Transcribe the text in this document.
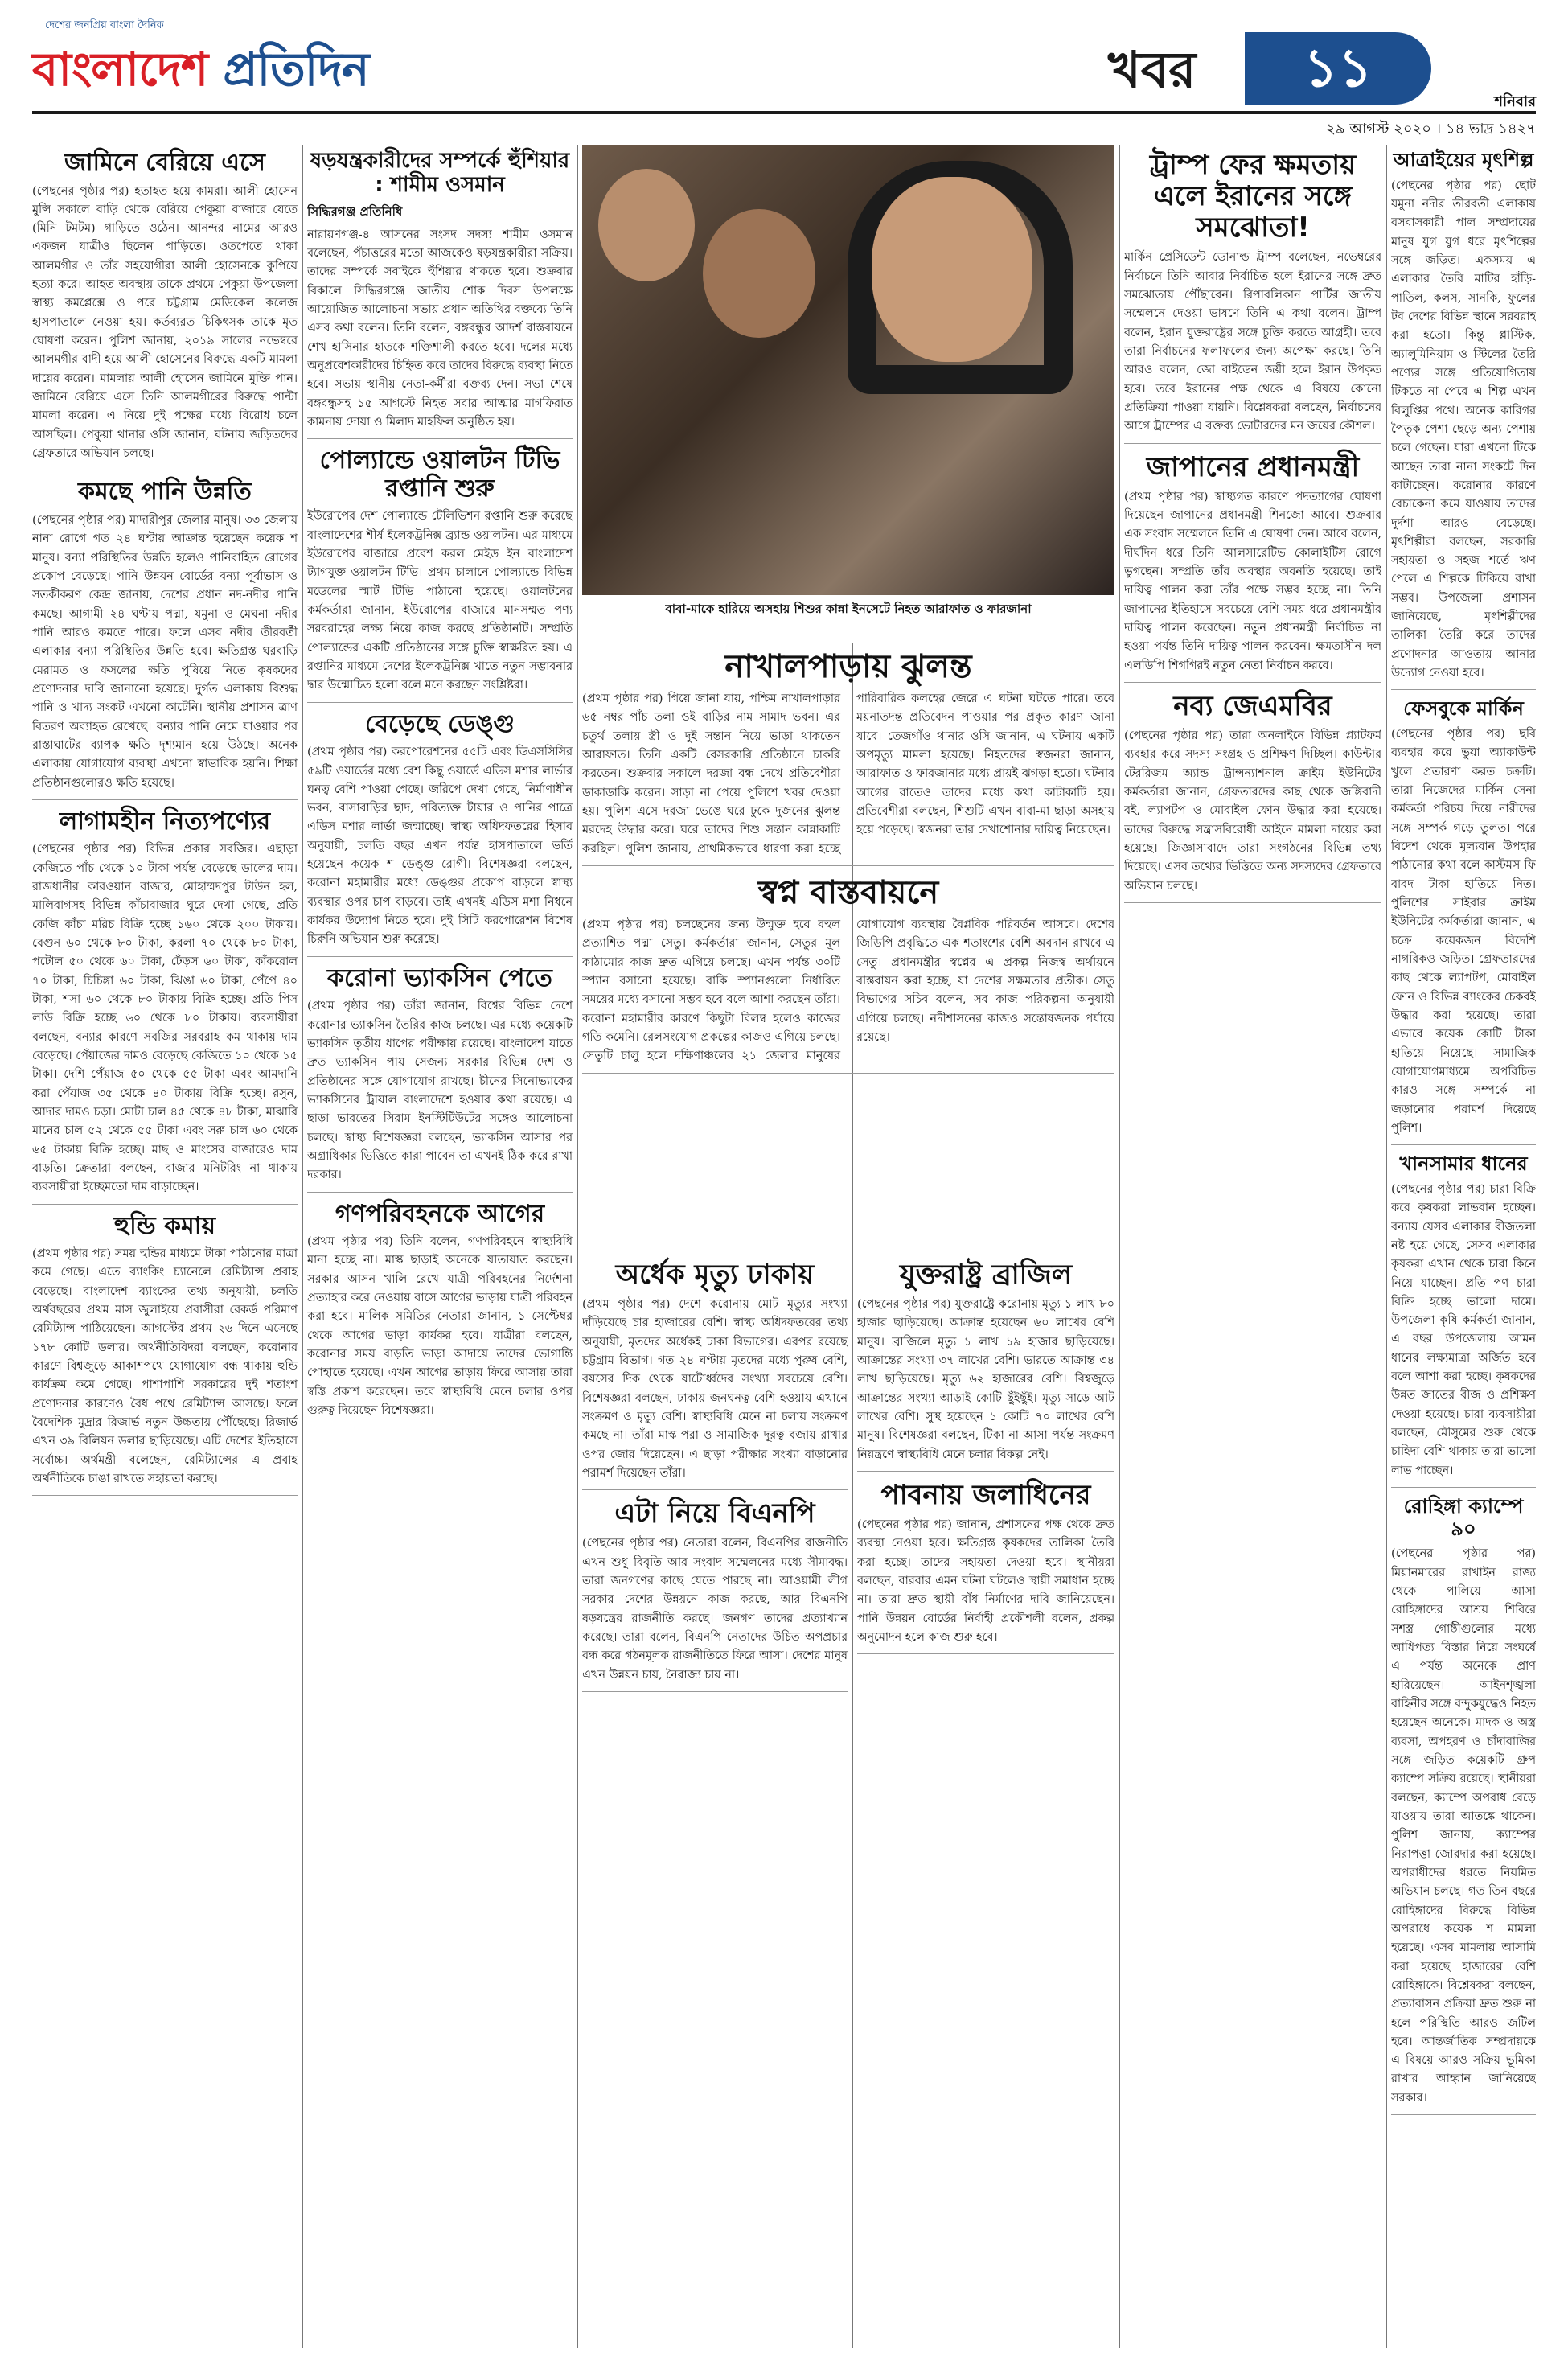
দেশের জনপ্রিয় বাংলা দৈনিক
বাংলাদেশ প্রতিদিন	খবর	১১
শনিবার
২৯ আগস্ট ২০২০ । ১৪ ভাদ্র ১৪২৭
জামিনে বেরিয়ে এসে
(পেছনের পৃষ্ঠার পর) হতাহত হয়ে কামরা। আলী হোসেন মুন্সি সকালে বাড়ি থেকে বেরিয়ে পেকুয়া বাজারে যেতে (মিনি টমটম) গাড়িতে ওঠেন। আনন্দর নামের আরও একজন যাত্রীও ছিলেন গাড়িতে। ওতপেতে থাকা আলমগীর ও তাঁর সহযোগীরা আলী হোসেনকে কুপিয়ে হত্যা করে। আহত অবস্থায় তাকে প্রথমে পেকুয়া উপজেলা স্বাস্থ্য কমপ্লেক্সে ও পরে চট্টগ্রাম মেডিকেল কলেজ হাসপাতালে নেওয়া হয়। কর্তব্যরত চিকিৎসক তাকে মৃত ঘোষণা করেন। পুলিশ জানায়, ২০১৯ সালের নভেম্বরে আলমগীর বাদী হয়ে আলী হোসেনের বিরুদ্ধে একটি মামলা দায়ের করেন। মামলায় আলী হোসেন জামিনে মুক্তি পান। জামিনে বেরিয়ে এসে তিনি আলমগীরের বিরুদ্ধে পাল্টা মামলা করেন। এ নিয়ে দুই পক্ষের মধ্যে বিরোধ চলে আসছিল। পেকুয়া থানার ওসি জানান, ঘটনায় জড়িতদের গ্রেফতারে অভিযান চলছে।
কমছে পানি উন্নতি
(পেছনের পৃষ্ঠার পর) মাদারীপুর জেলার মানুষ। ৩৩ জেলায় নানা রোগে গত ২৪ ঘণ্টায় আক্রান্ত হয়েছেন কয়েক শ মানুষ। বন্যা পরিস্থিতির উন্নতি হলেও পানিবাহিত রোগের প্রকোপ বেড়েছে। পানি উন্নয়ন বোর্ডের বন্যা পূর্বাভাস ও সতর্কীকরণ কেন্দ্র জানায়, দেশের প্রধান নদ-নদীর পানি কমছে। আগামী ২৪ ঘণ্টায় পদ্মা, যমুনা ও মেঘনা নদীর পানি আরও কমতে পারে। ফলে এসব নদীর তীরবর্তী এলাকার বন্যা পরিস্থিতির উন্নতি হবে। ক্ষতিগ্রস্ত ঘরবাড়ি মেরামত ও ফসলের ক্ষতি পুষিয়ে নিতে কৃষকদের প্রণোদনার দাবি জানানো হয়েছে। দুর্গত এলাকায় বিশুদ্ধ পানি ও খাদ্য সংকট এখনো কাটেনি। স্থানীয় প্রশাসন ত্রাণ বিতরণ অব্যাহত রেখেছে। বন্যার পানি নেমে যাওয়ার পর রাস্তাঘাটের ব্যাপক ক্ষতি দৃশ্যমান হয়ে উঠছে। অনেক এলাকায় যোগাযোগ ব্যবস্থা এখনো স্বাভাবিক হয়নি। শিক্ষা প্রতিষ্ঠানগুলোরও ক্ষতি হয়েছে।
লাগামহীন নিত্যপণ্যের
(পেছনের পৃষ্ঠার পর) বিভিন্ন প্রকার সবজির। এছাড়া কেজিতে পাঁচ থেকে ১০ টাকা পর্যন্ত বেড়েছে ডালের দাম। রাজধানীর কারওয়ান বাজার, মোহাম্মদপুর টাউন হল, মালিবাগসহ বিভিন্ন কাঁচাবাজার ঘুরে দেখা গেছে, প্রতি কেজি কাঁচা মরিচ বিক্রি হচ্ছে ১৬০ থেকে ২০০ টাকায়। বেগুন ৬০ থেকে ৮০ টাকা, করলা ৭০ থেকে ৮০ টাকা, পটোল ৫০ থেকে ৬০ টাকা, ঢেঁড়স ৬০ টাকা, কাঁকরোল ৭০ টাকা, চিচিঙ্গা ৬০ টাকা, ঝিঙা ৬০ টাকা, পেঁপে ৪০ টাকা, শসা ৬০ থেকে ৮০ টাকায় বিক্রি হচ্ছে। প্রতি পিস লাউ বিক্রি হচ্ছে ৬০ থেকে ৮০ টাকায়। ব্যবসায়ীরা বলছেন, বন্যার কারণে সবজির সরবরাহ কম থাকায় দাম বেড়েছে। পেঁয়াজের দামও বেড়েছে কেজিতে ১০ থেকে ১৫ টাকা। দেশি পেঁয়াজ ৫০ থেকে ৫৫ টাকা এবং আমদানি করা পেঁয়াজ ৩৫ থেকে ৪০ টাকায় বিক্রি হচ্ছে। রসুন, আদার দামও চড়া। মোটা চাল ৪৫ থেকে ৪৮ টাকা, মাঝারি মানের চাল ৫২ থেকে ৫৫ টাকা এবং সরু চাল ৬০ থেকে ৬৫ টাকায় বিক্রি হচ্ছে। মাছ ও মাংসের বাজারেও দাম বাড়তি। ক্রেতারা বলছেন, বাজার মনিটরিং না থাকায় ব্যবসায়ীরা ইচ্ছেমতো দাম বাড়াচ্ছেন।
হুন্ডি কমায়
(প্রথম পৃষ্ঠার পর) সময় হুন্ডির মাধ্যমে টাকা পাঠানোর মাত্রা কমে গেছে। এতে ব্যাংকিং চ্যানেলে রেমিট্যান্স প্রবাহ বেড়েছে। বাংলাদেশ ব্যাংকের তথ্য অনুযায়ী, চলতি অর্থবছরের প্রথম মাস জুলাইয়ে প্রবাসীরা রেকর্ড পরিমাণ রেমিট্যান্স পাঠিয়েছেন। আগস্টের প্রথম ২৬ দিনে এসেছে ১৭৮ কোটি ডলার। অর্থনীতিবিদরা বলছেন, করোনার কারণে বিশ্বজুড়ে আকাশপথে যোগাযোগ বন্ধ থাকায় হুন্ডি কার্যক্রম কমে গেছে। পাশাপাশি সরকারের দুই শতাংশ প্রণোদনার কারণেও বৈধ পথে রেমিট্যান্স আসছে। ফলে বৈদেশিক মুদ্রার রিজার্ভ নতুন উচ্চতায় পৌঁছেছে। রিজার্ভ এখন ৩৯ বিলিয়ন ডলার ছাড়িয়েছে। এটি দেশের ইতিহাসে সর্বোচ্চ। অর্থমন্ত্রী বলেছেন, রেমিট্যান্সের এ প্রবাহ অর্থনীতিকে চাঙা রাখতে সহায়তা করছে।
ষড়যন্ত্রকারীদের সম্পর্কে হুঁশিয়ার : শামীম ওসমান
সিদ্ধিরগঞ্জ প্রতিনিধি
নারায়ণগঞ্জ-৪ আসনের সংসদ সদস্য শামীম ওসমান বলেছেন, পঁচাত্তরের মতো আজকেও ষড়যন্ত্রকারীরা সক্রিয়। তাদের সম্পর্কে সবাইকে হুঁশিয়ার থাকতে হবে। শুক্রবার বিকালে সিদ্ধিরগঞ্জে জাতীয় শোক দিবস উপলক্ষে আয়োজিত আলোচনা সভায় প্রধান অতিথির বক্তব্যে তিনি এসব কথা বলেন। তিনি বলেন, বঙ্গবন্ধুর আদর্শ বাস্তবায়নে শেখ হাসিনার হাতকে শক্তিশালী করতে হবে। দলের মধ্যে অনুপ্রবেশকারীদের চিহ্নিত করে তাদের বিরুদ্ধে ব্যবস্থা নিতে হবে। সভায় স্থানীয় নেতা-কর্মীরা বক্তব্য দেন। সভা শেষে বঙ্গবন্ধুসহ ১৫ আগস্টে নিহত সবার আত্মার মাগফিরাত কামনায় দোয়া ও মিলাদ মাহফিল অনুষ্ঠিত হয়।
পোল্যান্ডে ওয়ালটন টিভি রপ্তানি শুরু
ইউরোপের দেশ পোল্যান্ডে টেলিভিশন রপ্তানি শুরু করেছে বাংলাদেশের শীর্ষ ইলেকট্রনিক্স ব্র্যান্ড ওয়ালটন। এর মাধ্যমে ইউরোপের বাজারে প্রবেশ করল মেইড ইন বাংলাদেশ ট্যাগযুক্ত ওয়ালটন টিভি। প্রথম চালানে পোল্যান্ডে বিভিন্ন মডেলের স্মার্ট টিভি পাঠানো হয়েছে। ওয়ালটনের কর্মকর্তারা জানান, ইউরোপের বাজারে মানসম্মত পণ্য সরবরাহের লক্ষ্য নিয়ে কাজ করছে প্রতিষ্ঠানটি। সম্প্রতি পোল্যান্ডের একটি প্রতিষ্ঠানের সঙ্গে চুক্তি স্বাক্ষরিত হয়। এ রপ্তানির মাধ্যমে দেশের ইলেকট্রনিক্স খাতে নতুন সম্ভাবনার দ্বার উন্মোচিত হলো বলে মনে করছেন সংশ্লিষ্টরা।
বেড়েছে ডেঙ্গু
(প্রথম পৃষ্ঠার পর) করপোরেশনের ৫৫টি এবং ডিএসসিসির ৫৯টি ওয়ার্ডের মধ্যে বেশ কিছু ওয়ার্ডে এডিস মশার লার্ভার ঘনত্ব বেশি পাওয়া গেছে। জরিপে দেখা গেছে, নির্মাণাধীন ভবন, বাসাবাড়ির ছাদ, পরিত্যক্ত টায়ার ও পানির পাত্রে এডিস মশার লার্ভা জন্মাচ্ছে। স্বাস্থ্য অধিদফতরের হিসাব অনুযায়ী, চলতি বছর এখন পর্যন্ত হাসপাতালে ভর্তি হয়েছেন কয়েক শ ডেঙ্গু রোগী। বিশেষজ্ঞরা বলছেন, করোনা মহামারীর মধ্যে ডেঙ্গুর প্রকোপ বাড়লে স্বাস্থ্য ব্যবস্থার ওপর চাপ বাড়বে। তাই এখনই এডিস মশা নিধনে কার্যকর উদ্যোগ নিতে হবে। দুই সিটি করপোরেশন বিশেষ চিরুনি অভিযান শুরু করেছে।
করোনা ভ্যাকসিন পেতে
(প্রথম পৃষ্ঠার পর) তাঁরা জানান, বিশ্বের বিভিন্ন দেশে করোনার ভ্যাকসিন তৈরির কাজ চলছে। এর মধ্যে কয়েকটি ভ্যাকসিন তৃতীয় ধাপের পরীক্ষায় রয়েছে। বাংলাদেশ যাতে দ্রুত ভ্যাকসিন পায় সেজন্য সরকার বিভিন্ন দেশ ও প্রতিষ্ঠানের সঙ্গে যোগাযোগ রাখছে। চীনের সিনোভ্যাকের ভ্যাকসিনের ট্রায়াল বাংলাদেশে হওয়ার কথা রয়েছে। এ ছাড়া ভারতের সিরাম ইনস্টিটিউটের সঙ্গেও আলোচনা চলছে। স্বাস্থ্য বিশেষজ্ঞরা বলছেন, ভ্যাকসিন আসার পর অগ্রাধিকার ভিত্তিতে কারা পাবেন তা এখনই ঠিক করে রাখা দরকার।
গণপরিবহনকে আগের
(প্রথম পৃষ্ঠার পর) তিনি বলেন, গণপরিবহনে স্বাস্থ্যবিধি মানা হচ্ছে না। মাস্ক ছাড়াই অনেকে যাতায়াত করছেন। সরকার আসন খালি রেখে যাত্রী পরিবহনের নির্দেশনা প্রত্যাহার করে নেওয়ায় বাসে আগের ভাড়ায় যাত্রী পরিবহন করা হবে। মালিক সমিতির নেতারা জানান, ১ সেপ্টেম্বর থেকে আগের ভাড়া কার্যকর হবে। যাত্রীরা বলছেন, করোনার সময় বাড়তি ভাড়া আদায়ে তাদের ভোগান্তি পোহাতে হয়েছে। এখন আগের ভাড়ায় ফিরে আসায় তারা স্বস্তি প্রকাশ করেছেন। তবে স্বাস্থ্যবিধি মেনে চলার ওপর গুরুত্ব দিয়েছেন বিশেষজ্ঞরা।
বাবা-মাকে হারিয়ে অসহায় শিশুর কান্না ইনসেটে নিহত আরাফাত ও ফারজানা
নাখালপাড়ায় ঝুলন্ত
(প্রথম পৃষ্ঠার পর) গিয়ে জানা যায়, পশ্চিম নাখালপাড়ার ৬৫ নম্বর পাঁচ তলা ওই বাড়ির নাম সামাদ ভবন। এর চতুর্থ তলায় স্ত্রী ও দুই সন্তান নিয়ে ভাড়া থাকতেন আরাফাত। তিনি একটি বেসরকারি প্রতিষ্ঠানে চাকরি করতেন। শুক্রবার সকালে দরজা বন্ধ দেখে প্রতিবেশীরা ডাকাডাকি করেন। সাড়া না পেয়ে পুলিশে খবর দেওয়া হয়। পুলিশ এসে দরজা ভেঙে ঘরে ঢুকে দুজনের ঝুলন্ত মরদেহ উদ্ধার করে। ঘরে তাদের শিশু সন্তান কান্নাকাটি করছিল। পুলিশ জানায়, প্রাথমিকভাবে ধারণা করা হচ্ছে পারিবারিক কলহের জেরে এ ঘটনা ঘটতে পারে। তবে ময়নাতদন্ত প্রতিবেদন পাওয়ার পর প্রকৃত কারণ জানা যাবে। তেজগাঁও থানার ওসি জানান, এ ঘটনায় একটি অপমৃত্যু মামলা হয়েছে। নিহতদের স্বজনরা জানান, আরাফাত ও ফারজানার মধ্যে প্রায়ই ঝগড়া হতো। ঘটনার আগের রাতেও তাদের মধ্যে কথা কাটাকাটি হয়। প্রতিবেশীরা বলছেন, শিশুটি এখন বাবা-মা ছাড়া অসহায় হয়ে পড়েছে। স্বজনরা তার দেখাশোনার দায়িত্ব নিয়েছেন।
স্বপ্ন বাস্তবায়নে
(প্রথম পৃষ্ঠার পর) চলছেনের জন্য উন্মুক্ত হবে বহুল প্রত্যাশিত পদ্মা সেতু। কর্মকর্তারা জানান, সেতুর মূল কাঠামোর কাজ দ্রুত এগিয়ে চলছে। এখন পর্যন্ত ৩০টি স্প্যান বসানো হয়েছে। বাকি স্প্যানগুলো নির্ধারিত সময়ের মধ্যে বসানো সম্ভব হবে বলে আশা করছেন তাঁরা। করোনা মহামারীর কারণে কিছুটা বিলম্ব হলেও কাজের গতি কমেনি। রেলসংযোগ প্রকল্পের কাজও এগিয়ে চলছে। সেতুটি চালু হলে দক্ষিণাঞ্চলের ২১ জেলার মানুষের যোগাযোগ ব্যবস্থায় বৈপ্লবিক পরিবর্তন আসবে। দেশের জিডিপি প্রবৃদ্ধিতে এক শতাংশের বেশি অবদান রাখবে এ সেতু। প্রধানমন্ত্রীর স্বপ্নের এ প্রকল্প নিজস্ব অর্থায়নে বাস্তবায়ন করা হচ্ছে, যা দেশের সক্ষমতার প্রতীক। সেতু বিভাগের সচিব বলেন, সব কাজ পরিকল্পনা অনুযায়ী এগিয়ে চলছে। নদীশাসনের কাজও সন্তোষজনক পর্যায়ে রয়েছে।
অর্ধেক মৃত্যু ঢাকায়
(প্রথম পৃষ্ঠার পর) দেশে করোনায় মোট মৃত্যুর সংখ্যা দাঁড়িয়েছে চার হাজারের বেশি। স্বাস্থ্য অধিদফতরের তথ্য অনুযায়ী, মৃতদের অর্ধেকই ঢাকা বিভাগের। এরপর রয়েছে চট্টগ্রাম বিভাগ। গত ২৪ ঘণ্টায় মৃতদের মধ্যে পুরুষ বেশি, বয়সের দিক থেকে ষাটোর্ধ্বদের সংখ্যা সবচেয়ে বেশি। বিশেষজ্ঞরা বলছেন, ঢাকায় জনঘনত্ব বেশি হওয়ায় এখানে সংক্রমণ ও মৃত্যু বেশি। স্বাস্থ্যবিধি মেনে না চলায় সংক্রমণ কমছে না। তাঁরা মাস্ক পরা ও সামাজিক দূরত্ব বজায় রাখার ওপর জোর দিয়েছেন। এ ছাড়া পরীক্ষার সংখ্যা বাড়ানোর পরামর্শ দিয়েছেন তাঁরা।
এটা নিয়ে বিএনপি
(পেছনের পৃষ্ঠার পর) নেতারা বলেন, বিএনপির রাজনীতি এখন শুধু বিবৃতি আর সংবাদ সম্মেলনের মধ্যে সীমাবদ্ধ। তারা জনগণের কাছে যেতে পারছে না। আওয়ামী লীগ সরকার দেশের উন্নয়নে কাজ করছে, আর বিএনপি ষড়যন্ত্রের রাজনীতি করছে। জনগণ তাদের প্রত্যাখ্যান করেছে। তারা বলেন, বিএনপি নেতাদের উচিত অপপ্রচার বন্ধ করে গঠনমূলক রাজনীতিতে ফিরে আসা। দেশের মানুষ এখন উন্নয়ন চায়, নৈরাজ্য চায় না।
যুক্তরাষ্ট্র ব্রাজিল
(পেছনের পৃষ্ঠার পর) যুক্তরাষ্ট্রে করোনায় মৃত্যু ১ লাখ ৮০ হাজার ছাড়িয়েছে। আক্রান্ত হয়েছেন ৬০ লাখের বেশি মানুষ। ব্রাজিলে মৃত্যু ১ লাখ ১৯ হাজার ছাড়িয়েছে। আক্রান্তের সংখ্যা ৩৭ লাখের বেশি। ভারতে আক্রান্ত ৩৪ লাখ ছাড়িয়েছে। মৃত্যু ৬২ হাজারের বেশি। বিশ্বজুড়ে আক্রান্তের সংখ্যা আড়াই কোটি ছুঁইছুঁই। মৃত্যু সাড়ে আট লাখের বেশি। সুস্থ হয়েছেন ১ কোটি ৭০ লাখের বেশি মানুষ। বিশেষজ্ঞরা বলছেন, টিকা না আসা পর্যন্ত সংক্রমণ নিয়ন্ত্রণে স্বাস্থ্যবিধি মেনে চলার বিকল্প নেই।
পাবনায় জলাধিনের
(পেছনের পৃষ্ঠার পর) জানান, প্রশাসনের পক্ষ থেকে দ্রুত ব্যবস্থা নেওয়া হবে। ক্ষতিগ্রস্ত কৃষকদের তালিকা তৈরি করা হচ্ছে। তাদের সহায়তা দেওয়া হবে। স্থানীয়রা বলছেন, বারবার এমন ঘটনা ঘটলেও স্থায়ী সমাধান হচ্ছে না। তারা দ্রুত স্থায়ী বাঁধ নির্মাণের দাবি জানিয়েছেন। পানি উন্নয়ন বোর্ডের নির্বাহী প্রকৌশলী বলেন, প্রকল্প অনুমোদন হলে কাজ শুরু হবে।
ট্রাম্প ফের ক্ষমতায় এলে ইরানের সঙ্গে সমঝোতা!
মার্কিন প্রেসিডেন্ট ডোনাল্ড ট্রাম্প বলেছেন, নভেম্বরের নির্বাচনে তিনি আবার নির্বাচিত হলে ইরানের সঙ্গে দ্রুত সমঝোতায় পৌঁছাবেন। রিপাবলিকান পার্টির জাতীয় সম্মেলনে দেওয়া ভাষণে তিনি এ কথা বলেন। ট্রাম্প বলেন, ইরান যুক্তরাষ্ট্রের সঙ্গে চুক্তি করতে আগ্রহী। তবে তারা নির্বাচনের ফলাফলের জন্য অপেক্ষা করছে। তিনি আরও বলেন, জো বাইডেন জয়ী হলে ইরান উপকৃত হবে। তবে ইরানের পক্ষ থেকে এ বিষয়ে কোনো প্রতিক্রিয়া পাওয়া যায়নি। বিশ্লেষকরা বলছেন, নির্বাচনের আগে ট্রাম্পের এ বক্তব্য ভোটারদের মন জয়ের কৌশল।
জাপানের প্রধানমন্ত্রী
(প্রথম পৃষ্ঠার পর) স্বাস্থ্যগত কারণে পদত্যাগের ঘোষণা দিয়েছেন জাপানের প্রধানমন্ত্রী শিনজো আবে। শুক্রবার এক সংবাদ সম্মেলনে তিনি এ ঘোষণা দেন। আবে বলেন, দীর্ঘদিন ধরে তিনি আলসারেটিভ কোলাইটিস রোগে ভুগছেন। সম্প্রতি তাঁর অবস্থার অবনতি হয়েছে। তাই দায়িত্ব পালন করা তাঁর পক্ষে সম্ভব হচ্ছে না। তিনি জাপানের ইতিহাসে সবচেয়ে বেশি সময় ধরে প্রধানমন্ত্রীর দায়িত্ব পালন করেছেন। নতুন প্রধানমন্ত্রী নির্বাচিত না হওয়া পর্যন্ত তিনি দায়িত্ব পালন করবেন। ক্ষমতাসীন দল এলডিপি শিগগিরই নতুন নেতা নির্বাচন করবে।
নব্য জেএমবির
(পেছনের পৃষ্ঠার পর) তারা অনলাইনে বিভিন্ন প্ল্যাটফর্ম ব্যবহার করে সদস্য সংগ্রহ ও প্রশিক্ষণ দিচ্ছিল। কাউন্টার টেররিজম অ্যান্ড ট্রান্সন্যাশনাল ক্রাইম ইউনিটের কর্মকর্তারা জানান, গ্রেফতারদের কাছ থেকে জঙ্গিবাদী বই, ল্যাপটপ ও মোবাইল ফোন উদ্ধার করা হয়েছে। তাদের বিরুদ্ধে সন্ত্রাসবিরোধী আইনে মামলা দায়ের করা হয়েছে। জিজ্ঞাসাবাদে তারা সংগঠনের বিভিন্ন তথ্য দিয়েছে। এসব তথ্যের ভিত্তিতে অন্য সদস্যদের গ্রেফতারে অভিযান চলছে।
আত্রাইয়ের মৃৎশিল্প
(পেছনের পৃষ্ঠার পর) ছোট যমুনা নদীর তীরবর্তী এলাকায় বসবাসকারী পাল সম্প্রদায়ের মানুষ যুগ যুগ ধরে মৃৎশিল্পের সঙ্গে জড়িত। একসময় এ এলাকার তৈরি মাটির হাঁড়ি-পাতিল, কলস, সানকি, ফুলের টব দেশের বিভিন্ন স্থানে সরবরাহ করা হতো। কিন্তু প্লাস্টিক, অ্যালুমিনিয়াম ও স্টিলের তৈরি পণ্যের সঙ্গে প্রতিযোগিতায় টিকতে না পেরে এ শিল্প এখন বিলুপ্তির পথে। অনেক কারিগর পৈতৃক পেশা ছেড়ে অন্য পেশায় চলে গেছেন। যারা এখনো টিকে আছেন তারা নানা সংকটে দিন কাটাচ্ছেন। করোনার কারণে বেচাকেনা কমে যাওয়ায় তাদের দুর্দশা আরও বেড়েছে। মৃৎশিল্পীরা বলছেন, সরকারি সহায়তা ও সহজ শর্তে ঋণ পেলে এ শিল্পকে টিকিয়ে রাখা সম্ভব। উপজেলা প্রশাসন জানিয়েছে, মৃৎশিল্পীদের তালিকা তৈরি করে তাদের প্রণোদনার আওতায় আনার উদ্যোগ নেওয়া হবে।
ফেসবুকে মার্কিন
(পেছনের পৃষ্ঠার পর) ছবি ব্যবহার করে ভুয়া অ্যাকাউন্ট খুলে প্রতারণা করত চক্রটি। তারা নিজেদের মার্কিন সেনা কর্মকর্তা পরিচয় দিয়ে নারীদের সঙ্গে সম্পর্ক গড়ে তুলত। পরে বিদেশ থেকে মূল্যবান উপহার পাঠানোর কথা বলে কাস্টমস ফি বাবদ টাকা হাতিয়ে নিত। পুলিশের সাইবার ক্রাইম ইউনিটের কর্মকর্তারা জানান, এ চক্রে কয়েকজন বিদেশি নাগরিকও জড়িত। গ্রেফতারদের কাছ থেকে ল্যাপটপ, মোবাইল ফোন ও বিভিন্ন ব্যাংকের চেকবই উদ্ধার করা হয়েছে। তারা এভাবে কয়েক কোটি টাকা হাতিয়ে নিয়েছে। সামাজিক যোগাযোগমাধ্যমে অপরিচিত কারও সঙ্গে সম্পর্কে না জড়ানোর পরামর্শ দিয়েছে পুলিশ।
খানসামার ধানের
(পেছনের পৃষ্ঠার পর) চারা বিক্রি করে কৃষকরা লাভবান হচ্ছেন। বন্যায় যেসব এলাকার বীজতলা নষ্ট হয়ে গেছে, সেসব এলাকার কৃষকরা এখান থেকে চারা কিনে নিয়ে যাচ্ছেন। প্রতি পণ চারা বিক্রি হচ্ছে ভালো দামে। উপজেলা কৃষি কর্মকর্তা জানান, এ বছর উপজেলায় আমন ধানের লক্ষ্যমাত্রা অর্জিত হবে বলে আশা করা হচ্ছে। কৃষকদের উন্নত জাতের বীজ ও প্রশিক্ষণ দেওয়া হয়েছে। চারা ব্যবসায়ীরা বলছেন, মৌসুমের শুরু থেকে চাহিদা বেশি থাকায় তারা ভালো লাভ পাচ্ছেন।
রোহিঙ্গা ক্যাম্পে ৯০
(পেছনের পৃষ্ঠার পর) মিয়ানমারের রাখাইন রাজ্য থেকে পালিয়ে আসা রোহিঙ্গাদের আশ্রয় শিবিরে সশস্ত্র গোষ্ঠীগুলোর মধ্যে আধিপত্য বিস্তার নিয়ে সংঘর্ষে এ পর্যন্ত অনেকে প্রাণ হারিয়েছেন। আইনশৃঙ্খলা বাহিনীর সঙ্গে বন্দুকযুদ্ধেও নিহত হয়েছেন অনেকে। মাদক ও অস্ত্র ব্যবসা, অপহরণ ও চাঁদাবাজির সঙ্গে জড়িত কয়েকটি গ্রুপ ক্যাম্পে সক্রিয় রয়েছে। স্থানীয়রা বলছেন, ক্যাম্পে অপরাধ বেড়ে যাওয়ায় তারা আতঙ্কে থাকেন। পুলিশ জানায়, ক্যাম্পের নিরাপত্তা জোরদার করা হয়েছে। অপরাধীদের ধরতে নিয়মিত অভিযান চলছে। গত তিন বছরে রোহিঙ্গাদের বিরুদ্ধে বিভিন্ন অপরাধে কয়েক শ মামলা হয়েছে। এসব মামলায় আসামি করা হয়েছে হাজারের বেশি রোহিঙ্গাকে। বিশ্লেষকরা বলছেন, প্রত্যাবাসন প্রক্রিয়া দ্রুত শুরু না হলে পরিস্থিতি আরও জটিল হবে। আন্তর্জাতিক সম্প্রদায়কে এ বিষয়ে আরও সক্রিয় ভূমিকা রাখার আহ্বান জানিয়েছে সরকার।
